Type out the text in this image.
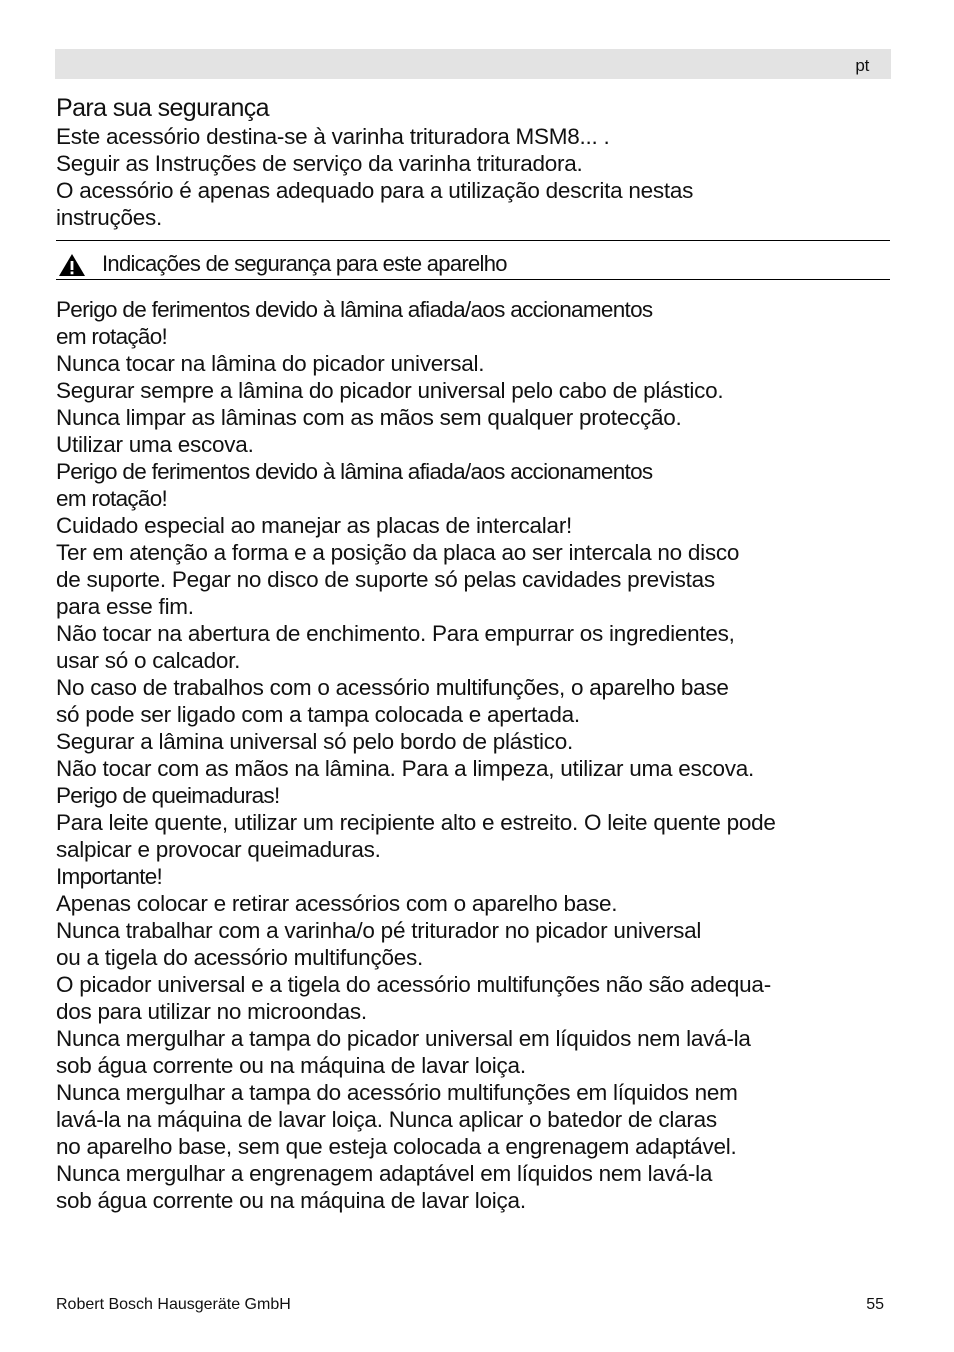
pt
Para sua segurança
Este acessório destina-se à varinha trituradora MSM8... .
Seguir as Instruções de serviço da varinha trituradora.
O acessório é apenas adequado para a utilização descrita nestas
instruções.
Indicações de segurança para este aparelho
Perigo de ferimentos devido à lâmina afiada/aos accionamentos
em rotação!
Nunca tocar na lâmina do picador universal.
Segurar sempre a lâmina do picador universal pelo cabo de plástico.
Nunca limpar as lâminas com as mãos sem qualquer protecção.
Utilizar uma escova.
Perigo de ferimentos devido à lâmina afiada/aos accionamentos
em rotação!
Cuidado especial ao manejar as placas de intercalar!
Ter em atenção a forma e a posição da placa ao ser intercala no disco
de suporte. Pegar no disco de suporte só pelas cavidades previstas
para esse fim.
Não tocar na abertura de enchimento. Para empurrar os ingredientes,
usar só o calcador.
No caso de trabalhos com o acessório multifunções, o aparelho base
só pode ser ligado com a tampa colocada e apertada.
Segurar a lâmina universal só pelo bordo de plástico.
Não tocar com as mãos na lâmina. Para a limpeza, utilizar uma escova.
Perigo de queimaduras!
Para leite quente, utilizar um recipiente alto e estreito. O leite quente pode
salpicar e provocar queimaduras.
Importante!
Apenas colocar e retirar acessórios com o aparelho base.
Nunca trabalhar com a varinha/o pé triturador no picador universal
ou a tigela do acessório multifunções.
O picador universal e a tigela do acessório multifunções não são adequa-
dos para utilizar no microondas.
Nunca mergulhar a tampa do picador universal em líquidos nem lavá-la
sob água corrente ou na máquina de lavar loiça.
Nunca mergulhar a tampa do acessório multifunções em líquidos nem
lavá-la na máquina de lavar loiça. Nunca aplicar o batedor de claras
no aparelho base, sem que esteja colocada a engrenagem adaptável.
Nunca mergulhar a engrenagem adaptável em líquidos nem lavá-la
sob água corrente ou na máquina de lavar loiça.
Robert Bosch Hausgeräte GmbH	55
